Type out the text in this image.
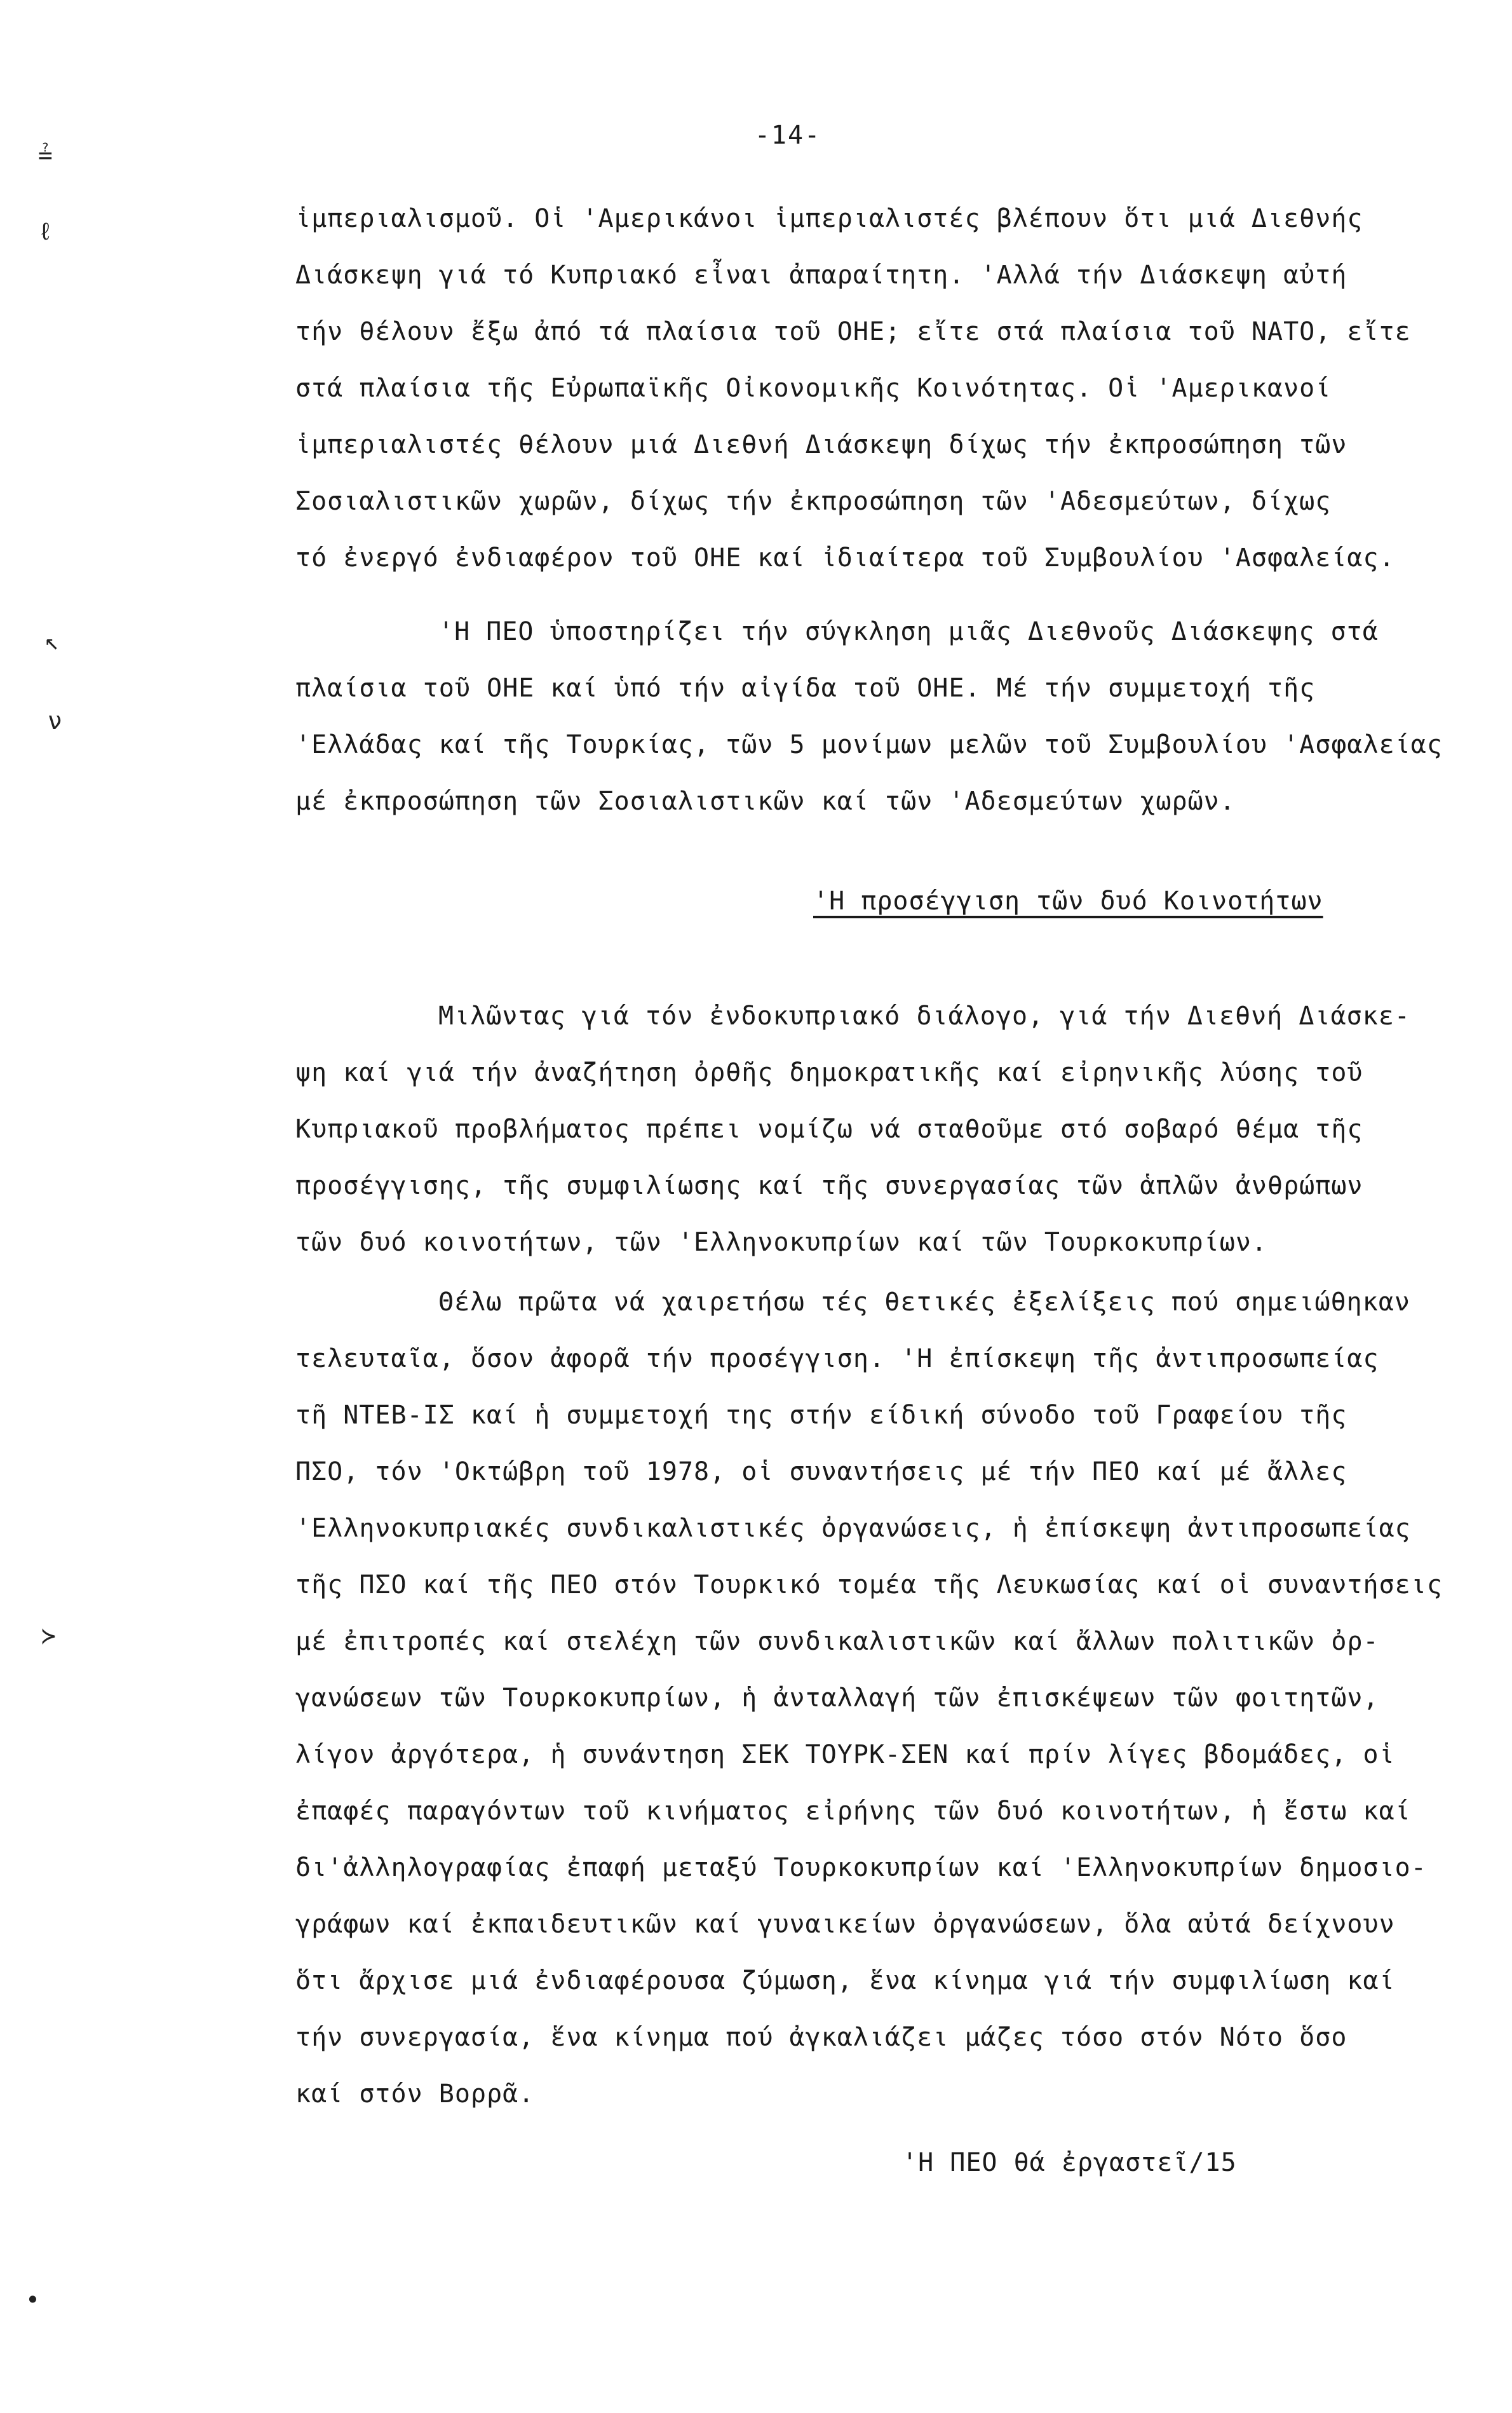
≟
ℓ
↖
ν
≻
•
-14-

ἱμπεριαλισμοῦ. Οἱ 'Αμερικάνοι ἱμπεριαλιστές βλέπουν ὅτι μιά Διεθνής
Διάσκεψη γιά τό Κυπριακό εἶναι ἀπαραίτητη. 'Αλλά τήν Διάσκεψη αὐτή
τήν θέλουν ἔξω ἀπό τά πλαίσια τοῦ ΟΗΕ; εἴτε στά πλαίσια τοῦ ΝΑΤΟ, εἴτε
στά πλαίσια τῆς Εὐρωπαϊκῆς Οἰκονομικῆς Κοινότητας. Οἱ 'Αμερικανοί
ἱμπεριαλιστές θέλουν μιά Διεθνή Διάσκεψη δίχως τήν ἐκπροσώπηση τῶν
Σοσιαλιστικῶν χωρῶν, δίχως τήν ἐκπροσώπηση τῶν 'Αδεσμεύτων, δίχως
τό ἐνεργό ἐνδιαφέρον τοῦ ΟΗΕ καί ἰδιαίτερα τοῦ Συμβουλίου 'Ασφαλείας.

'Η ΠΕΟ ὑποστηρίζει τήν σύγκληση μιᾶς Διεθνοῦς Διάσκεψης στά
πλαίσια τοῦ ΟΗΕ καί ὑπό τήν αἰγίδα τοῦ ΟΗΕ. Μέ τήν συμμετοχή τῆς
'Ελλάδας καί τῆς Τουρκίας, τῶν 5 μονίμων μελῶν τοῦ Συμβουλίου 'Ασφαλείας
μέ ἐκπροσώπηση τῶν Σοσιαλιστικῶν καί τῶν 'Αδεσμεύτων χωρῶν.

'Η προσέγγιση τῶν δυό Κοινοτήτων

Μιλῶντας γιά τόν ἐνδοκυπριακό διάλογο, γιά τήν Διεθνή Διάσκε-
ψη καί γιά τήν ἀναζήτηση ὀρθῆς δημοκρατικῆς καί εἰρηνικῆς λύσης τοῦ
Κυπριακοῦ προβλήματος πρέπει νομίζω νά σταθοῦμε στό σοβαρό θέμα τῆς
προσέγγισης, τῆς συμφιλίωσης καί τῆς συνεργασίας τῶν ἁπλῶν ἀνθρώπων
τῶν δυό κοινοτήτων, τῶν 'Ελληνοκυπρίων καί τῶν Τουρκοκυπρίων.

Θέλω πρῶτα νά χαιρετήσω τές θετικές ἐξελίξεις πού σημειώθηκαν
τελευταῖα, ὅσον ἀφορᾶ τήν προσέγγιση. 'Η ἐπίσκεψη τῆς ἀντιπροσωπείας
τῆ ΝΤΕΒ-ΙΣ καί ἡ συμμετοχή της στήν είδική σύνοδο τοῦ Γραφείου τῆς
ΠΣΟ, τόν 'Οκτώβρη τοῦ 1978, οἱ συναντήσεις μέ τήν ΠΕΟ καί μέ ἄλλες
'Ελληνοκυπριακές συνδικαλιστικές ὀργανώσεις, ἡ ἐπίσκεψη ἀντιπροσωπείας
τῆς ΠΣΟ καί τῆς ΠΕΟ στόν Τουρκικό τομέα τῆς Λευκωσίας καί οἱ συναντήσεις
μέ ἐπιτροπές καί στελέχη τῶν συνδικαλιστικῶν καί ἄλλων πολιτικῶν ὀρ-
γανώσεων τῶν Τουρκοκυπρίων, ἡ ἀνταλλαγή τῶν ἐπισκέψεων τῶν φοιτητῶν,
λίγον ἀργότερα, ἡ συνάντηση ΣΕΚ ΤΟΥΡΚ-ΣΕΝ καί πρίν λίγες βδομάδες, οἱ
ἐπαφές παραγόντων τοῦ κινήματος εἰρήνης τῶν δυό κοινοτήτων, ἡ ἔστω καί
δι'ἀλληλογραφίας ἐπαφή μεταξύ Τουρκοκυπρίων καί 'Ελληνοκυπρίων δημοσιο-
γράφων καί ἐκπαιδευτικῶν καί γυναικείων ὀργανώσεων, ὅλα αὐτά δείχνουν
ὅτι ἄρχισε μιά ἐνδιαφέρουσα ζύμωση, ἕνα κίνημα γιά τήν συμφιλίωση καί
τήν συνεργασία, ἕνα κίνημα πού ἀγκαλιάζει μάζες τόσο στόν Νότο ὅσο
καί στόν Βορρᾶ.

'Η ΠΕΟ θά ἐργαστεῖ/15
